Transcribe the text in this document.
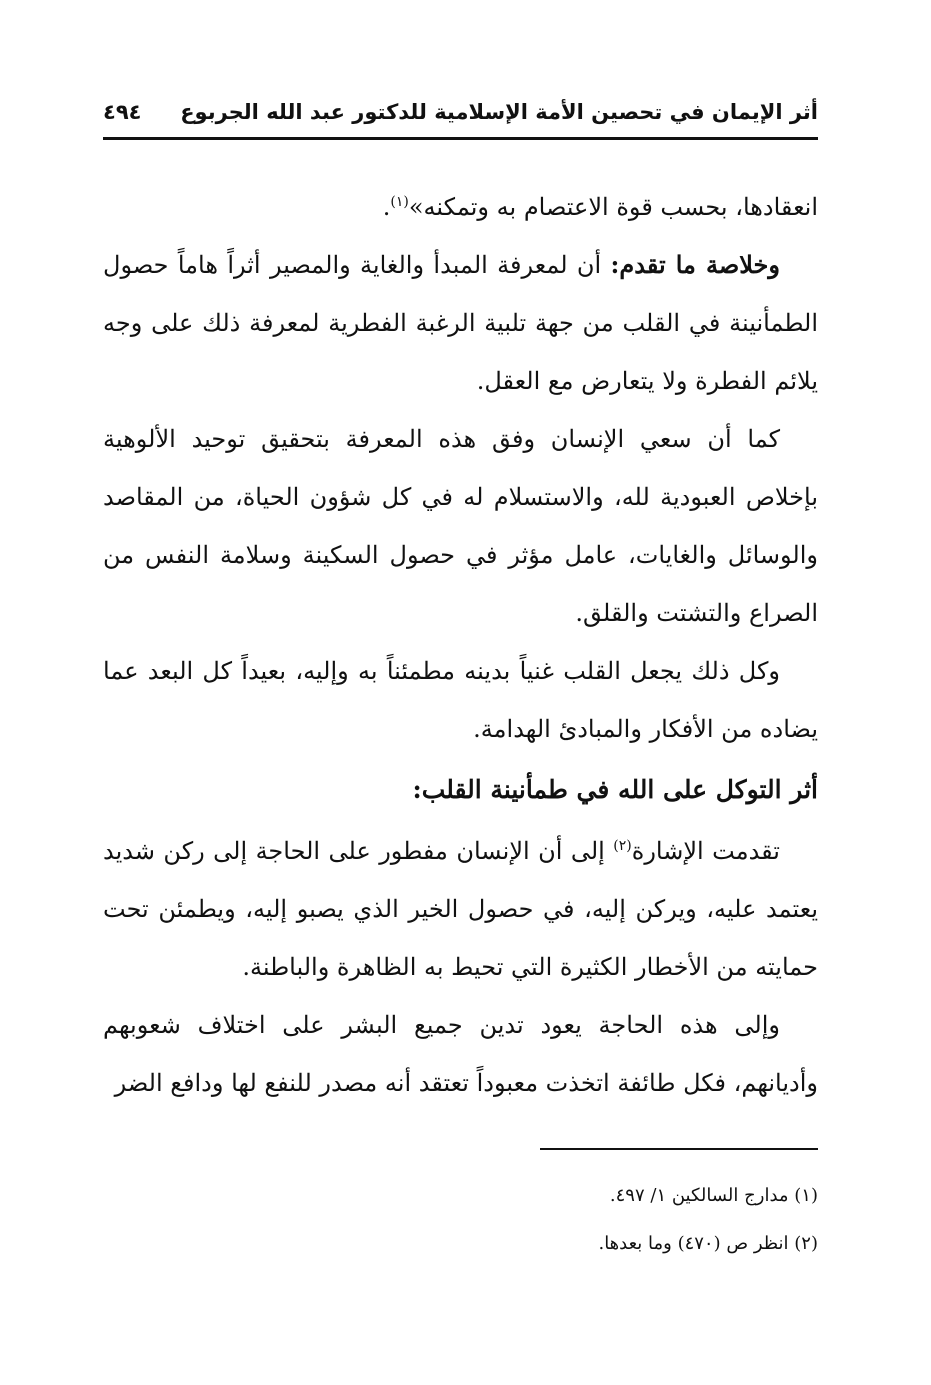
أثر الإيمان في تحصين الأمة الإسلامية للدكتور عبد الله الجربوع
٤٩٤

انعقادها، بحسب قوة الاعتصام به وتمكنه»$^{(١)}$.

وخلاصة ما تقدم: أن لمعرفة المبدأ والغاية والمصير أثراً هاماً حصول الطمأنينة في القلب من جهة تلبية الرغبة الفطرية لمعرفة ذلك على وجه يلائم الفطرة ولا يتعارض مع العقل.

كما أن سعي الإنسان وفق هذه المعرفة بتحقيق توحيد الألوهية بإخلاص العبودية لله، والاستسلام له في كل شؤون الحياة، من المقاصد والوسائل والغايات، عامل مؤثر في حصول السكينة وسلامة النفس من الصراع والتشتت والقلق.

وكل ذلك يجعل القلب غنياً بدينه مطمئناً به وإليه، بعيداً كل البعد عما يضاده من الأفكار والمبادئ الهدامة.

أثر التوكل على الله في طمأنينة القلب:

تقدمت الإشارة$^{(٢)}$ إلى أن الإنسان مفطور على الحاجة إلى ركن شديد يعتمد عليه، ويركن إليه، في حصول الخير الذي يصبو إليه، ويطمئن تحت حمايته من الأخطار الكثيرة التي تحيط به الظاهرة والباطنة.

وإلى هذه الحاجة يعود تدين جميع البشر على اختلاف شعوبهم وأديانهم، فكل طائفة اتخذت معبوداً تعتقد أنه مصدر للنفع لها ودافع الضر

(١) مدارج السالكين ١/ ٤٩٧.

(٢) انظر ص (٤٧٠) وما بعدها.
